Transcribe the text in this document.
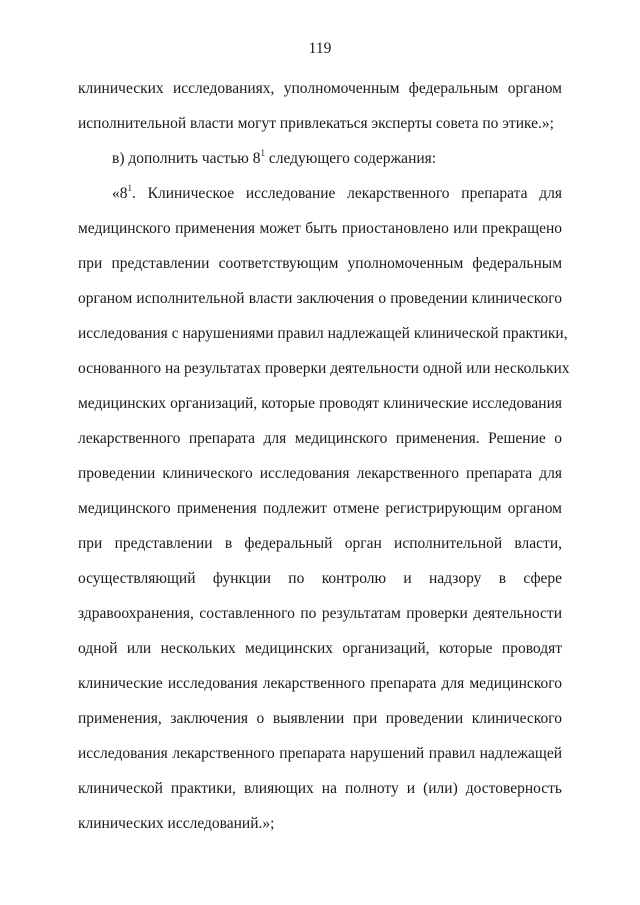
119
клинических исследованиях, уполномоченным федеральным органом
исполнительной власти могут привлекаться эксперты совета по этике.»;
в) дополнить частью $8^1$ следующего содержания:
«$8^1$. Клиническое исследование лекарственного препарата для
медицинского применения может быть приостановлено или прекращено
при представлении соответствующим уполномоченным федеральным
органом исполнительной власти заключения о проведении клинического
исследования с нарушениями правил надлежащей клинической практики,
основанного на результатах проверки деятельности одной или нескольких
медицинских организаций, которые проводят клинические исследования
лекарственного препарата для медицинского применения. Решение о
проведении клинического исследования лекарственного препарата для
медицинского применения подлежит отмене регистрирующим органом
при представлении в федеральный орган исполнительной власти,
осуществляющий функции по контролю и надзору в сфере
здравоохранения, составленного по результатам проверки деятельности
одной или нескольких медицинских организаций, которые проводят
клинические исследования лекарственного препарата для медицинского
применения, заключения о выявлении при проведении клинического
исследования лекарственного препарата нарушений правил надлежащей
клинической практики, влияющих на полноту и (или) достоверность
клинических исследований.»;
